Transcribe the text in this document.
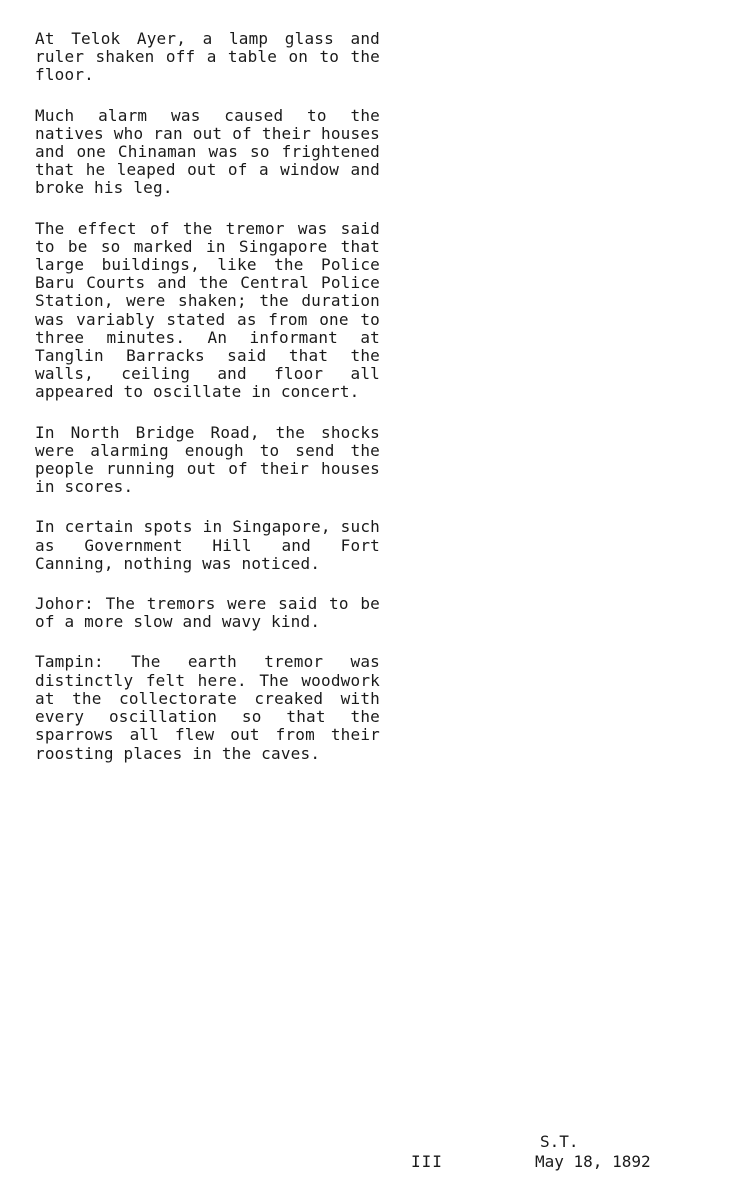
At Telok Ayer, a lamp glass and ruler shaken off a table on to the floor.

Much alarm was caused to the natives who ran out of their houses and one Chinaman was so frightened that he leaped out of a window and broke his leg.

The effect of the tremor was said to be so marked in Singapore that large buildings, like the Police Baru Courts and the Central Police Station, were shaken; the duration was variably stated as from one to three minutes. An informant at Tanglin Barracks said that the walls, ceiling and floor all appeared to oscillate in concert.

In North Bridge Road, the shocks were alarming enough to send the people running out of their houses in scores.

In certain spots in Singapore, such as Government Hill and Fort Canning, nothing was noticed.

Johor: The tremors were said to be of a more slow and wavy kind.

Tampin: The earth tremor was distinctly felt here. The woodwork at the collectorate creaked with every oscillation so that the sparrows all flew out from their roosting places in the caves.

III
S.T.
May 18, 1892
